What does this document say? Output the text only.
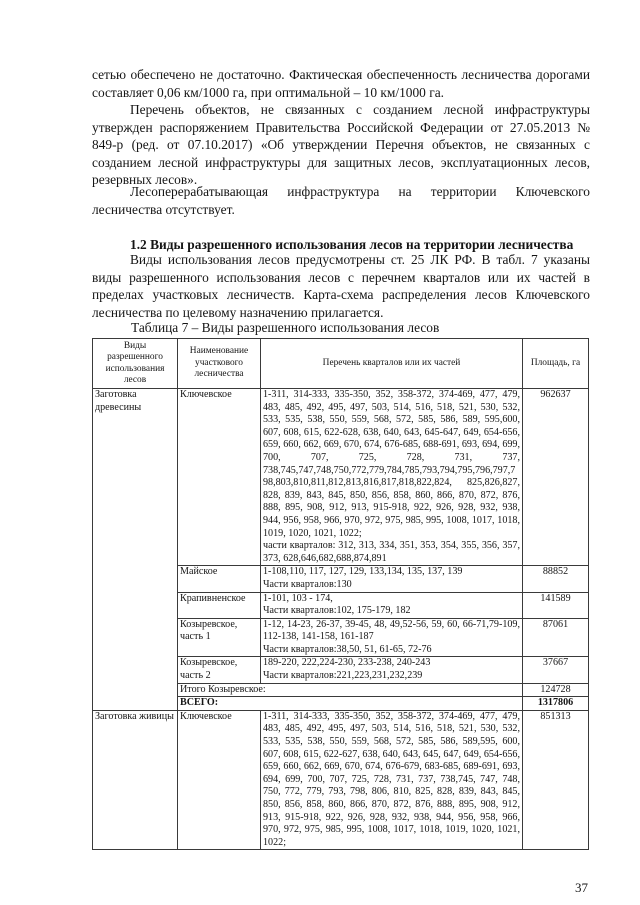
сетью обеспечено не достаточно. Фактическая обеспеченность лесничества дорогами составляет 0,06 км/1000 га, при оптимальной – 10 км/1000 га.

Перечень объектов, не связанных с созданием лесной инфраструктуры утвержден распоряжением Правительства Российской Федерации от 27.05.2013 № 849-р (ред. от 07.10.2017) «Об утверждении Перечня объектов, не связанных с созданием лесной инфраструктуры для защитных лесов, эксплуатационных лесов, резервных лесов».

Лесоперерабатывающая инфраструктура на территории Ключевского лесничества отсутствует.

1.2 Виды разрешенного использования лесов на территории лесничества

Виды использования лесов предусмотрены ст. 25 ЛК РФ. В табл. 7 указаны виды разрешенного использования лесов с перечнем кварталов или их частей в пределах участковых лесничеств. Карта-схема распределения лесов Ключевского лесничества по целевому назначению прилагается.

Таблица 7 – Виды разрешенного использования лесов

Виды разрешенного использования лесов	Наименование участкового лесничества	Перечень кварталов или их частей	Площадь, га
Заготовка древесины	Ключевское	1-311, 314-333, 335-350, 352, 358-372, 374-469, 477, 479, 483, 485, 492, 495, 497, 503, 514, 516, 518, 521, 530, 532, 533, 535, 538, 550, 559, 568, 572, 585, 586, 589, 595,600, 607, 608, 615, 622-628, 638, 640, 643, 645-647, 649, 654-656, 659, 660, 662, 669, 670, 674, 676-685, 688-691, 693, 694, 699, 700, 707, 725, 728, 731, 737, 738,745,747,748,750,772,779,784,785,793,794,795,796,797,798,803,810,811,812,813,816,817,818,822,824, 825,826,827, 828, 839, 843, 845, 850, 856, 858, 860, 866, 870, 872, 876, 888, 895, 908, 912, 913, 915-918, 922, 926, 928, 932, 938, 944, 956, 958, 966, 970, 972, 975, 985, 995, 1008, 1017, 1018, 1019, 1020, 1021, 1022;
части кварталов: 312, 313, 334, 351, 353, 354, 355, 356, 357, 373, 628,646,682,688,874,891	962637
	Майское	1-108,110, 117, 127, 129, 133,134, 135, 137, 139
Части кварталов:130	88852
	Крапивненское	1-101, 103 - 174,
Части кварталов:102, 175-179, 182	141589
	Козыревское, часть 1	1-12, 14-23, 26-37, 39-45, 48, 49,52-56, 59, 60, 66-71,79-109, 112-138, 141-158, 161-187
Части кварталов:38,50, 51, 61-65, 72-76	87061
	Козыревское, часть 2	189-220, 222,224-230, 233-238, 240-243
Части кварталов:221,223,231,232,239	37667
	Итого Козыревское:		124728
	ВСЕГО:		1317806
Заготовка живицы	Ключевское	1-311, 314-333, 335-350, 352, 358-372, 374-469, 477, 479, 483, 485, 492, 495, 497, 503, 514, 516, 518, 521, 530, 532, 533, 535, 538, 550, 559, 568, 572, 585, 586, 589,595, 600, 607, 608, 615, 622-627, 638, 640, 643, 645, 647, 649, 654-656, 659, 660, 662, 669, 670, 674, 676-679, 683-685, 689-691, 693, 694, 699, 700, 707, 725, 728, 731, 737, 738,745, 747, 748, 750, 772, 779, 793, 798, 806, 810, 825, 828, 839, 843, 845, 850, 856, 858, 860, 866, 870, 872, 876, 888, 895, 908, 912, 913, 915-918, 922, 926, 928, 932, 938, 944, 956, 958, 966, 970, 972, 975, 985, 995, 1008, 1017, 1018, 1019, 1020, 1021, 1022;	851313
37
